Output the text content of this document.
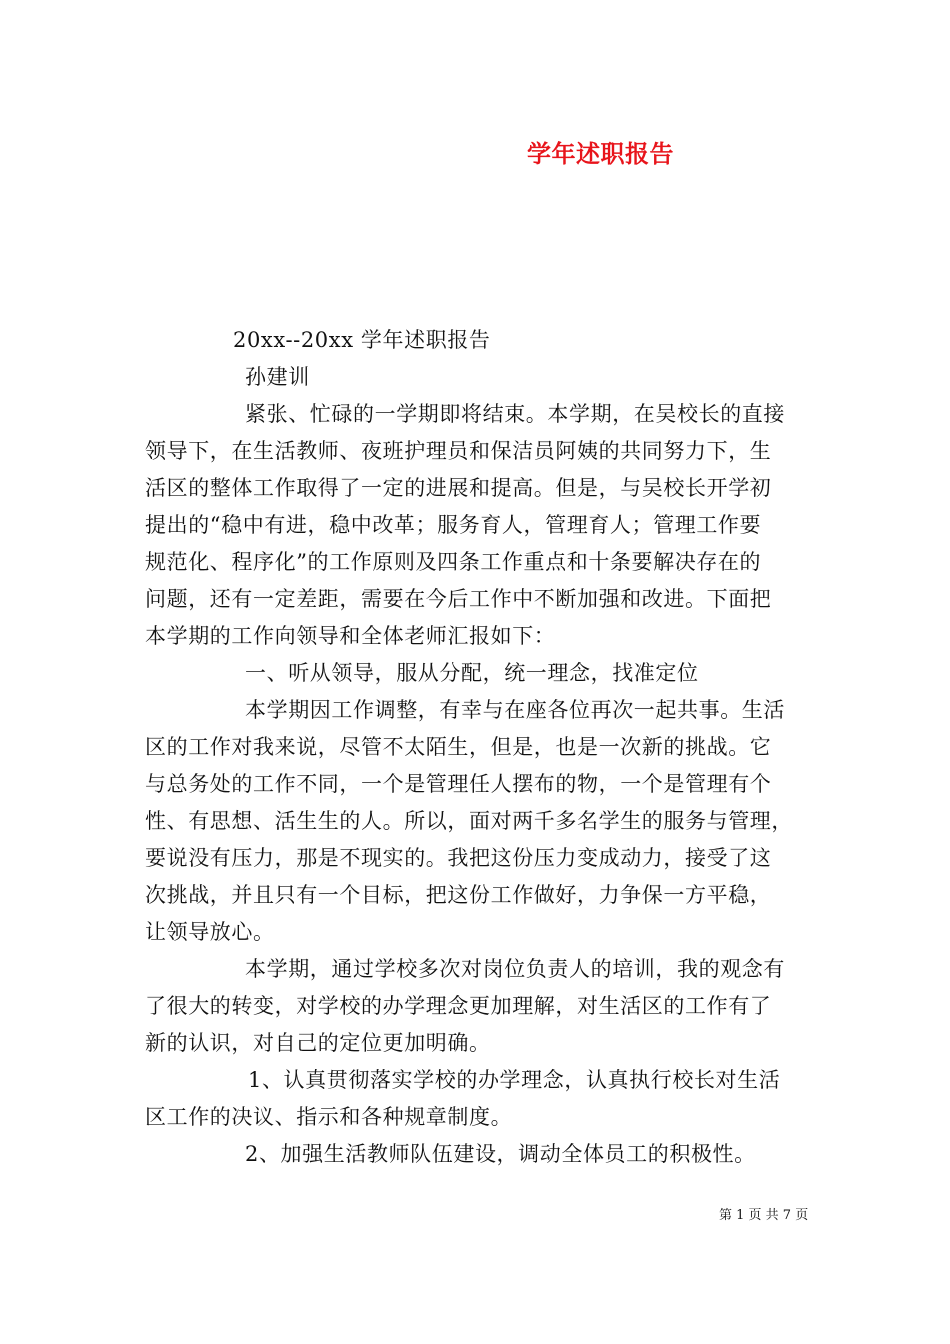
学年述职报告
20xx--20xx 学年述职报告
孙建训
紧张、忙碌的一学期即将结束。本学期，在吴校长的直接
领导下，在生活教师、夜班护理员和保洁员阿姨的共同努力下，生
活区的整体工作取得了一定的进展和提高。但是，与吴校长开学初
提出的“稳中有进，稳中改革；服务育人，管理育人；管理工作要
规范化、程序化”的工作原则及四条工作重点和十条要解决存在的
问题，还有一定差距，需要在今后工作中不断加强和改进。下面把
本学期的工作向领导和全体老师汇报如下：
一、听从领导，服从分配，统一理念，找准定位
本学期因工作调整，有幸与在座各位再次一起共事。生活
区的工作对我来说，尽管不太陌生，但是，也是一次新的挑战。它
与总务处的工作不同，一个是管理任人摆布的物，一个是管理有个
性、有思想、活生生的人。所以，面对两千多名学生的服务与管理，
要说没有压力，那是不现实的。我把这份压力变成动力，接受了这
次挑战，并且只有一个目标，把这份工作做好，力争保一方平稳，
让领导放心。
本学期，通过学校多次对岗位负责人的培训，我的观念有
了很大的转变，对学校的办学理念更加理解，对生活区的工作有了
新的认识，对自己的定位更加明确。
1、认真贯彻落实学校的办学理念，认真执行校长对生活
区工作的决议、指示和各种规章制度。
2、加强生活教师队伍建设，调动全体员工的积极性。
第 1 页 共 7 页
